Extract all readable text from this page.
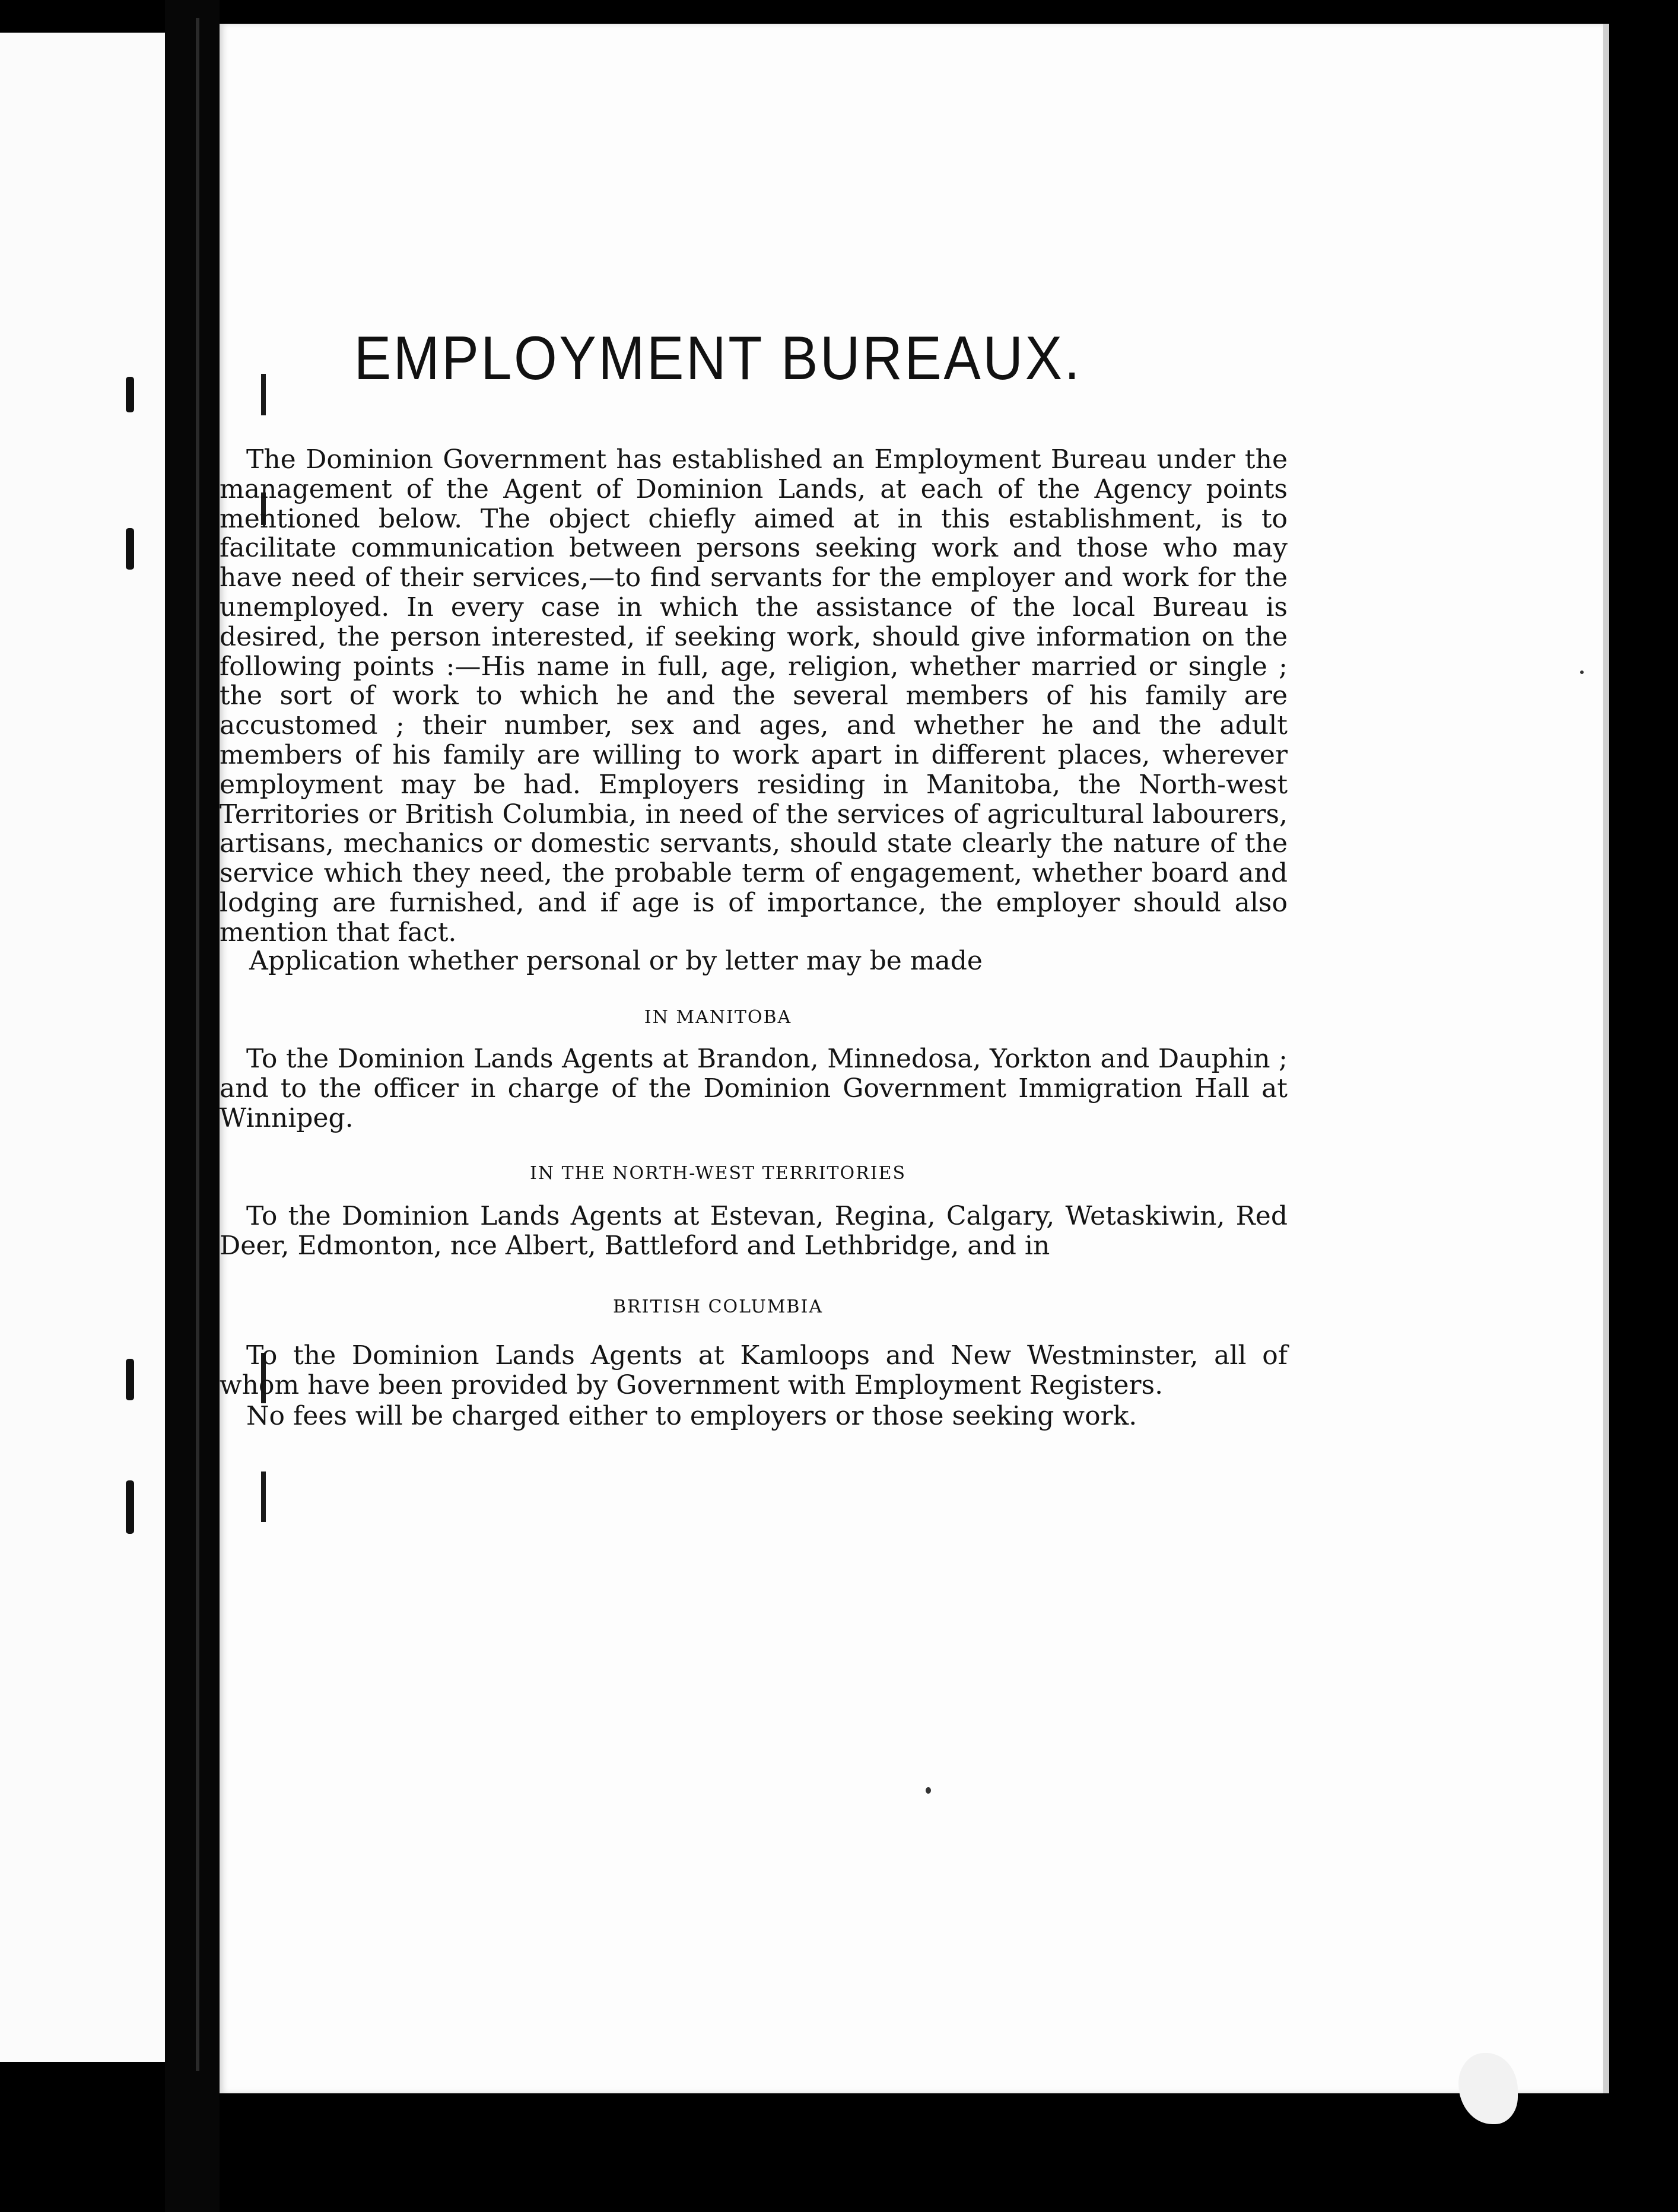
EMPLOYMENT BUREAUX.

The Dominion Government has established an Employment Bureau under the management of the Agent of Dominion Lands, at each of the Agency points mentioned below. The object chiefly aimed at in this establishment, is to facilitate communication between persons seeking work and those who may have need of their services,—to find servants for the employer and work for the unemployed. In every case in which the assistance of the local Bureau is desired, the person interested, if seeking work, should give information on the following points :—His name in full, age, religion, whether married or single ; the sort of work to which he and the several members of his family are accustomed ; their number, sex and ages, and whether he and the adult members of his family are willing to work apart in different places, wherever employment may be had. Employers residing in Manitoba, the North-west Territories or British Columbia, in need of the services of agricultural labourers, artisans, mechanics or domestic servants, should state clearly the nature of the service which they need, the probable term of engagement, whether board and lodging are furnished, and if age is of importance, the employer should also mention that fact.

Application whether personal or by letter may be made

IN MANITOBA

To the Dominion Lands Agents at Brandon, Minnedosa, Yorkton and Dauphin ; and to the officer in charge of the Dominion Government Immigration Hall at Winnipeg.

IN THE NORTH-WEST TERRITORIES

To the Dominion Lands Agents at Estevan, Regina, Calgary, Wetaskiwin, Red Deer, Edmonton, nce Albert, Battleford and Lethbridge, and in

BRITISH COLUMBIA

To the Dominion Lands Agents at Kamloops and New Westminster, all of whom have been provided by Government with Employment Registers.

No fees will be charged either to employers or those seeking work.
